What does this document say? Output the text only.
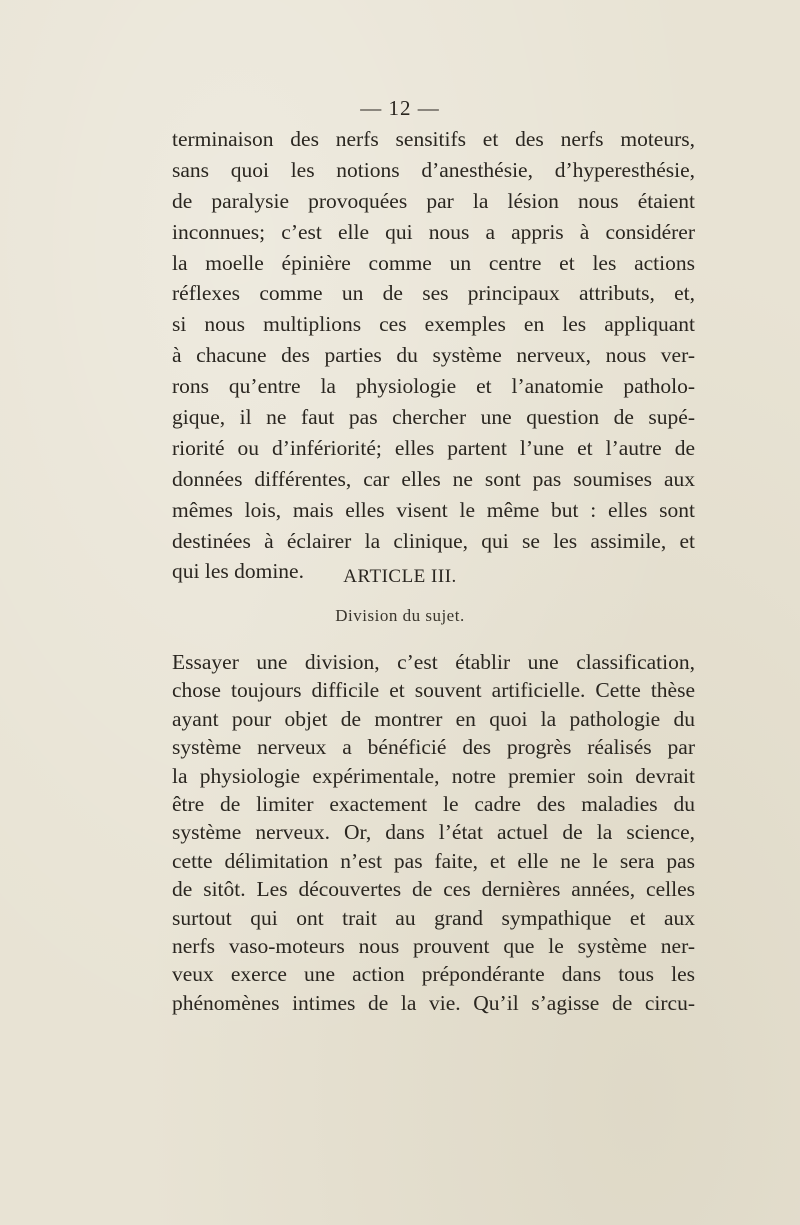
— 12 —
terminaison des nerfs sensitifs et des nerfs moteurs,
sans quoi les notions d’anesthésie, d’hyperesthésie,
de paralysie provoquées par la lésion nous étaient
inconnues; c’est elle qui nous a appris à considérer
la moelle épinière comme un centre et les actions
réflexes comme un de ses principaux attributs, et,
si nous multiplions ces exemples en les appliquant
à chacune des parties du système nerveux, nous ver-
rons qu’entre la physiologie et l’anatomie patholo-
gique, il ne faut pas chercher une question de supé-
riorité ou d’infériorité; elles partent l’une et l’autre de
données différentes, car elles ne sont pas soumises aux
mêmes lois, mais elles visent le même but : elles sont
destinées à éclairer la clinique, qui se les assimile, et
qui les domine.	ARTICLE III.
Division du sujet.
Essayer une division, c’est établir une classification,
chose toujours difficile et souvent artificielle. Cette thèse
ayant pour objet de montrer en quoi la pathologie du
système nerveux a bénéficié des progrès réalisés par
la physiologie expérimentale, notre premier soin devrait
être de limiter exactement le cadre des maladies du
système nerveux. Or, dans l’état actuel de la science,
cette délimitation n’est pas faite, et elle ne le sera pas
de sitôt. Les découvertes de ces dernières années, celles
surtout qui ont trait au grand sympathique et aux
nerfs vaso-moteurs nous prouvent que le système ner-
veux exerce une action prépondérante dans tous les
phénomènes intimes de la vie. Qu’il s’agisse de circu-
